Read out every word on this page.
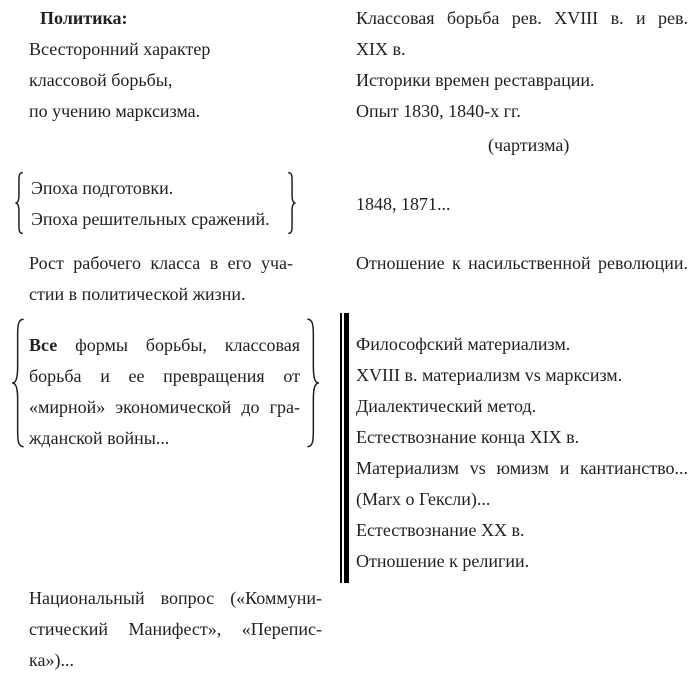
Политика:
Всесторонний характер
классовой борьбы,
по учению марксизма.
Эпоха подготовки.
Эпоха решительных сражений.
Рост рабочего класса в его уча-
стии в политической жизни.
Все формы борьбы, классовая
борьба и ее превращения от
«мирной» экономической до гра-
жданской войны...
Национальный вопрос («Коммуни-
стический Манифест», «Перепис-
ка»)...
Классовая борьба рев. XVIII в. и рев.
XIX в.
Историки времен реставрации.
Опыт 1830, 1840-х гг.
(чартизма)
1848, 1871...
Отношение к насильственной революции.
Философский материализм.
XVIII в. материализм vs марксизм.
Диалектический метод.
Естествознание конца XIX в.
Материализм vs юмизм и кантианство...
(Marx о Гексли)...
Естествознание XX в.
Отношение к религии.
